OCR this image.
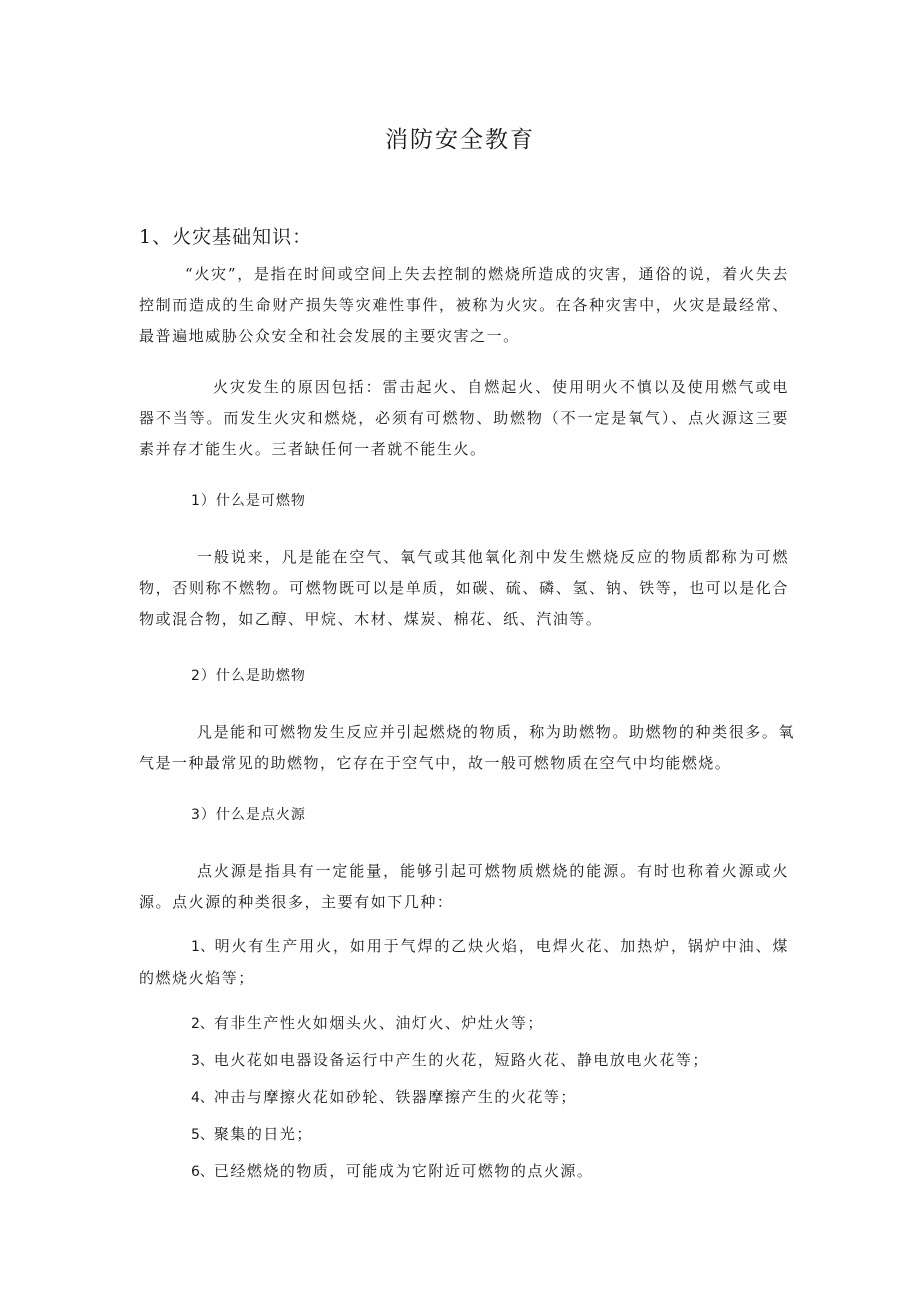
消防安全教育
1、火灾基础知识：

“火灾”，是指在时间或空间上失去控制的燃烧所造成的灾害，通俗的说，着火失去控制而造成的生命财产损失等灾难性事件，被称为火灾。在各种灾害中，火灾是最经常、最普遍地威胁公众安全和社会发展的主要灾害之一。

火灾发生的原因包括：雷击起火、自燃起火、使用明火不慎以及使用燃气或电器不当等。而发生火灾和燃烧，必须有可燃物、助燃物（不一定是氧气）、点火源这三要素并存才能生火。三者缺任何一者就不能生火。

1）什么是可燃物

一般说来，凡是能在空气、氧气或其他氧化剂中发生燃烧反应的物质都称为可燃物，否则称不燃物。可燃物既可以是单质，如碳、硫、磷、氢、钠、铁等，也可以是化合物或混合物，如乙醇、甲烷、木材、煤炭、棉花、纸、汽油等。

2）什么是助燃物

凡是能和可燃物发生反应并引起燃烧的物质，称为助燃物。助燃物的种类很多。氧气是一种最常见的助燃物，它存在于空气中，故一般可燃物质在空气中均能燃烧。

3）什么是点火源

点火源是指具有一定能量，能够引起可燃物质燃烧的能源。有时也称着火源或火源。点火源的种类很多，主要有如下几种：

1、明火有生产用火，如用于气焊的乙炔火焰，电焊火花、加热炉，锅炉中油、煤的燃烧火焰等；

2、有非生产性火如烟头火、油灯火、炉灶火等；
3、电火花如电器设备运行中产生的火花，短路火花、静电放电火花等；
4、冲击与摩擦火花如砂轮、铁器摩擦产生的火花等；
5、聚集的日光；
6、已经燃烧的物质，可能成为它附近可燃物的点火源。
